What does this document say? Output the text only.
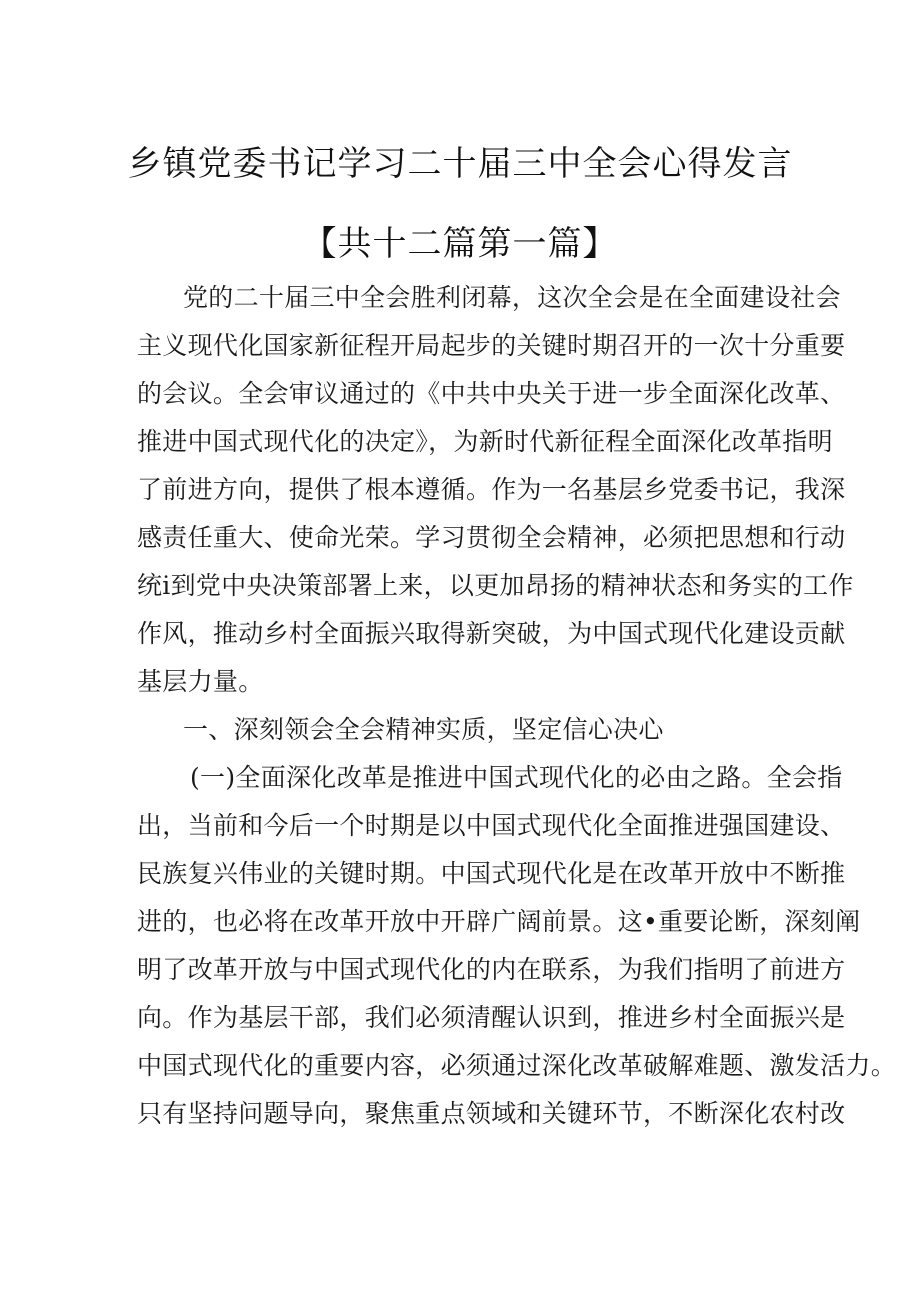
乡镇党委书记学习二十届三中全会心得发言
【共十二篇第一篇】
党的二十届三中全会胜利闭幕，这次全会是在全面建设社会
主义现代化国家新征程开局起步的关键时期召开的一次十分重要
的会议。全会审议通过的《中共中央关于进一步全面深化改革、
推进中国式现代化的决定》，为新时代新征程全面深化改革指明
了前进方向，提供了根本遵循。作为一名基层乡党委书记，我深
感责任重大、使命光荣。学习贯彻全会精神，必须把思想和行动
统i到党中央决策部署上来，以更加昂扬的精神状态和务实的工作
作风，推动乡村全面振兴取得新突破，为中国式现代化建设贡献
基层力量。
一、深刻领会全会精神实质，坚定信心决心
(一)全面深化改革是推进中国式现代化的必由之路。全会指
出，当前和今后一个时期是以中国式现代化全面推进强国建设、
民族复兴伟业的关键时期。中国式现代化是在改革开放中不断推
进的，也必将在改革开放中开辟广阔前景。这•重要论断，深刻阐
明了改革开放与中国式现代化的内在联系，为我们指明了前进方
向。作为基层干部，我们必须清醒认识到，推进乡村全面振兴是
中国式现代化的重要内容，必须通过深化改革破解难题、激发活力。
只有坚持问题导向，聚焦重点领域和关键环节，不断深化农村改
